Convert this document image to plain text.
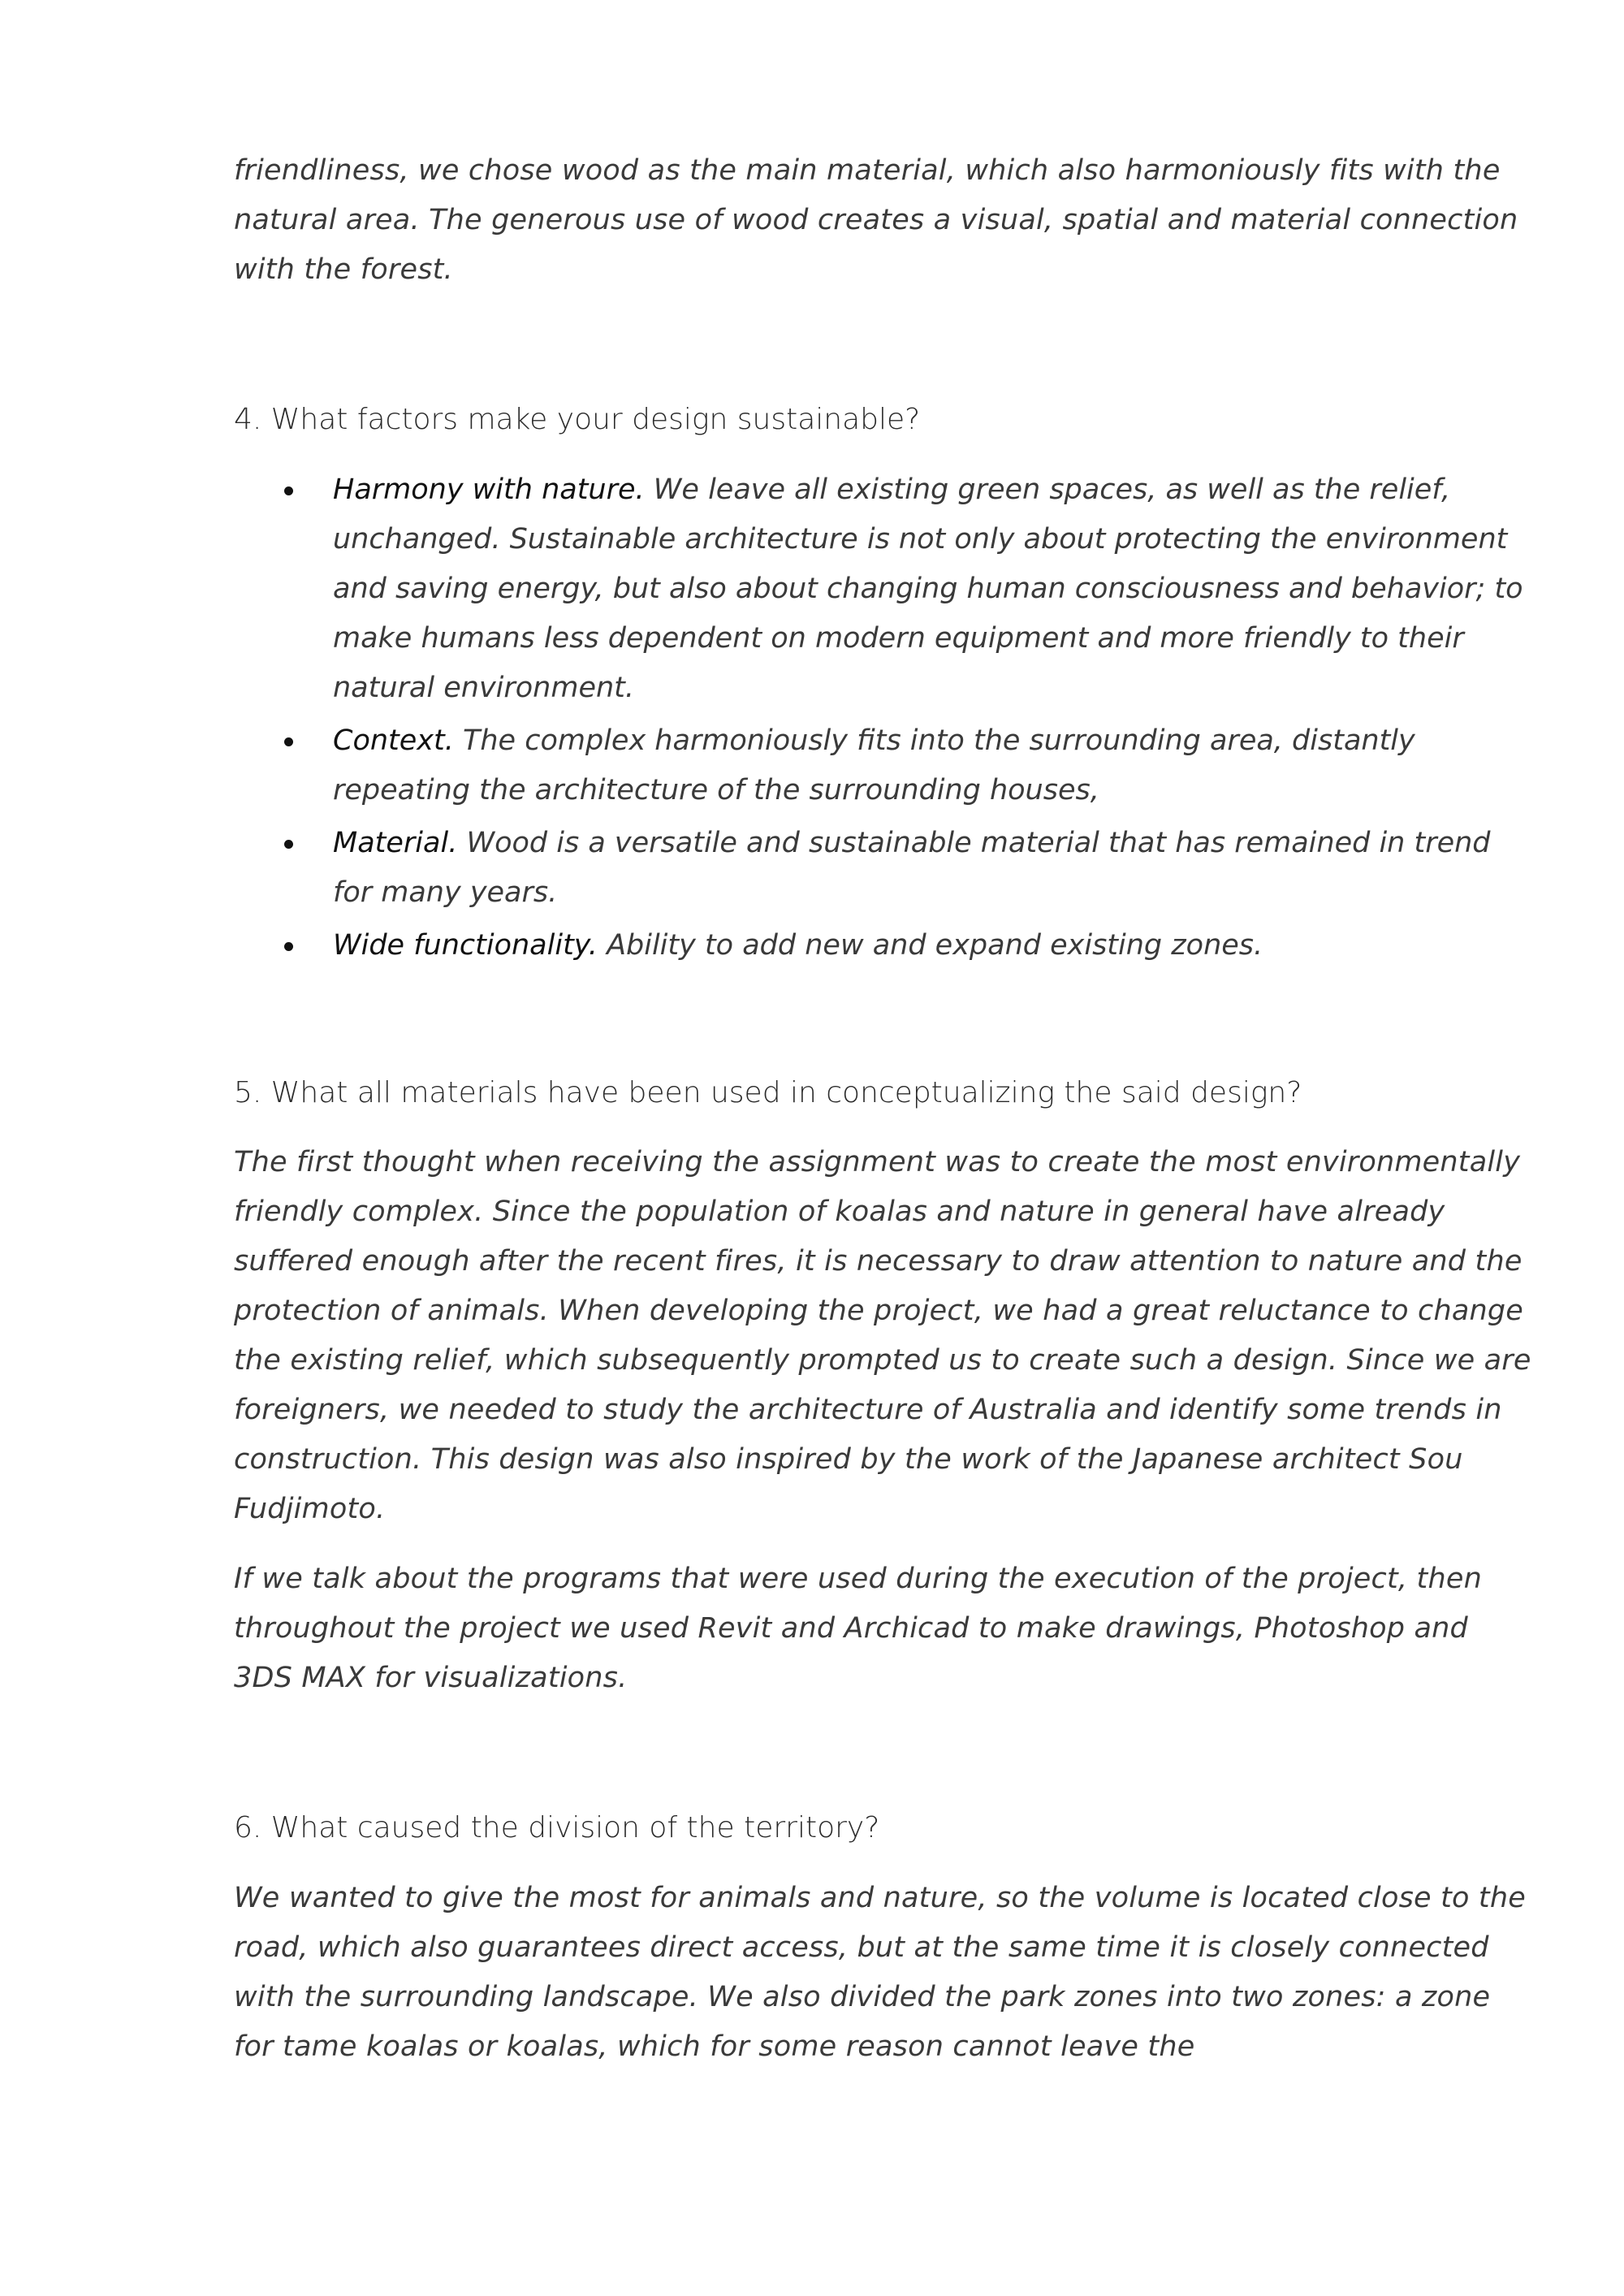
friendliness, we chose wood as the main material, which also harmoniously fits with the natural area. The generous use of wood creates a visual, spatial and material connection with the forest.

4. What factors make your design sustainable?

Harmony with nature. We leave all existing green spaces, as well as the relief, unchanged. Sustainable architecture is not only about protecting the environment and saving energy, but also about changing human consciousness and behavior; to make humans less dependent on modern equipment and more friendly to their natural environment.
Context. The complex harmoniously fits into the surrounding area, distantly repeating the architecture of the surrounding houses,
Material. Wood is a versatile and sustainable material that has remained in trend for many years.
Wide functionality. Ability to add new and expand existing zones.

5. What all materials have been used in conceptualizing the said design?

The first thought when receiving the assignment was to create the most environmentally friendly complex. Since the population of koalas and nature in general have already suffered enough after the recent fires, it is necessary to draw attention to nature and the protection of animals. When developing the project, we had a great reluctance to change the existing relief, which subsequently prompted us to create such a design. Since we are foreigners, we needed to study the architecture of Australia and identify some trends in construction. This design was also inspired by the work of the Japanese architect Sou Fudjimoto.

If we talk about the programs that were used during the execution of the project, then throughout the project we used Revit and Archicad to make drawings, Photoshop and 3DS MAX for visualizations.

6. What caused the division of the territory?

We wanted to give the most for animals and nature, so the volume is located close to the road, which also guarantees direct access, but at the same time it is closely connected with the surrounding landscape. We also divided the park zones into two zones: a zone for tame koalas or koalas, which for some reason cannot leave the
